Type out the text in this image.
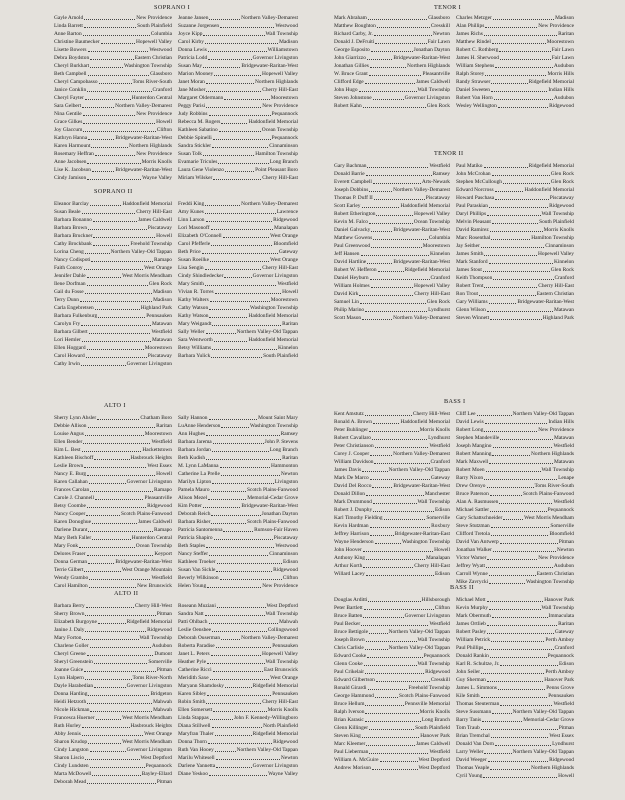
SOPRANO I
Gayle Arnold	New Providence
Linda Barrett	South Plainfield
Anne Barton	Columbia
Christine Baumecker	Hopewell Valley
Lisette Bowers	Westwood
Debra Boydston	Eastern Christian
Cheryl Burkhart	Washington Township
Beth Campbell	Glassboro
Cheryl Campobasso	Toms River-South
Janice Conklin	Cranford
Cheryl Fayter	Hunterdon Central
Sara Gelbert	Northern Valley-Demarest
Nina Gentile	New Providence
Grace Gilkes	Howell
Joy Glaccum	Clifton
Kathryn Hanna	Bridgewater-Raritan-West
Karen Harmount	Northern Highlands
Rosemary Heffran	New Providence
Anne Jacobsen	Morris Knolls
Lise K. Jacobson	Bridgewater-Raritan-West
Cindy Jamison	Wayne Valley
Jeanne Jansen	Northern Valley-Demarest
Suzanne Jorgensen	Westwood
Joyce Kipp	Wall Township
Carol Kirby	Madison
Donna Lewis	Williamstown
Patricia Lodd	Governor Livingston
Susan May	Bridgewater-Raritan-West
Marion Mooney	Hopewell Valley
Janet Moran	Northern Highlands
Jane Mosher	Cherry Hill-East
Margaret Oldermann	Moorestown
Peggy Parisi	New Providence
Judy Robbins	Pequannock
Rebecca M. Rogers	Haddonfield Memorial
Kathleen Sabatino	Ocean Township
Debbie Spinelli	Pequannock
Sandra Stickler	Cinnaminson
Susan Tolk	Hamilton Township
Evamarie Tricules	Long Branch
Laura Gene Violenzo	Point Pleasant Boro
Miriam Wilsker	Cherry Hill-East
TENOR I
Mark Abraham	Glassboro
Matthew Boughton	Cresskill
Richard Carby, Jr.	Newton
Donald J. DeFruiti	Fair Lawn
George Esposito	Jonathan Dayton
John Giarrizzo	Bridgewater-Raritan-West
Jonathan Gillies	Northern Highlands
W. Bruce Grant	Pleasantville
Clifford Edge	James Caldwell
John Hugo	Wall Township
Steven Johnstone	Governor Livingston
Robert Kahn	Glen Rock
Charles Metzger	Madison
Alan Phillips	New Providence
James Richs	Raritan
Matthew Rindel	Moorestown
Robert C. Rothberg	Fair Lawn
James H. Sherwood	Fair Lawn
William Stephens	Audubon
Ralph Storey	Morris Hills
Randy Strawser	Ridgefield Memorial
Daniel Sweeten	Indian Hills
Robert Van Horn	Audubon
Wesley Wellington	Ridgewood
TENOR II
Gary Bachman	Westfield
Donald Barrie	Ramsey
Everett Campbell	Arts-Newark
Joseph Dobbins	Northern Valley-Demarest
Thomas P. Duff II	Piscataway
Scott Earley	Haddonfield Memorial
Robert Etherington	Hopewell Valley
Kevin M. Falco	Ocean Township
Daniel Galvacky	Bridgewater-Raritan-West
Matthew Gowens	Columbia
Paul Greenwood	Moorestown
Jeff Hansen	Kinnelon
David Hartline	Bridgewater-Raritan-West
Robert W. Hefferon	Ridgefield Memorial
Daniel Heyburn	Cranford
William Holmes	Hopewell Valley
David Kirk	Cherry Hill-East
Samuel Lin	Glen Rock
Philip Marino	Lyndhurst
Scott Mason	Northern Valley-Demarest
Paul Matiko	Ridgefield Memorial
John McCrohan	Glen Rock
Stephen McCullough	Glen Rock
Edward Norcross	Haddonfield Memorial
Howard Paschasa	Piscataway
Paul Paraskian	Ridgewood
Daryl Phillips	Wall Township
Melvin Pleasant	South Plainfield
David Ramirez	Morris Knolls
Marc Rosenthal	Hamilton Township
Jay Seither	Cinnaminson
James Smith	Hopewell Valley
Mark Stanford	Kinnelon
James Stout	Glen Rock
Keith Thompson	Cranford
Robert Trent	Cherry Hill-East
Ron Trout	Eastern Christian
Gary Williams	Bridgewater-Raritan-West
Glenn Wilson	Matawan
Steven Winnett	Highland Park
SOPRANO II
Eleanor Barclay	Haddonfield Memorial
Susan Beale	Cherry Hill-East
Barbara Bonanno	James Caldwell
Barbara Brown	Piscataway
Barbara Bruckner	Howell
Cathy Brockbank	Freehold Township
Lorina Cheng	Northern Valley-Old Tappan
Nancy Codispoti	Ramapo
Faith Conroy	West Orange
Jennifer Dahle	West Morris Mendham
Ilene Dorfman	Glen Rock
Gail du Fosse	Madison
Terry Dunn	Madison
Carla Engebretsen	Highland Park
Barbara Fulkenburg	Pennsauken
Carolyn Fry	Matawan
Barbara Gilbert	Westfield
Lori Hemler	Matawan
Ellen Hoggard	Moorestown
Carol Howard	Piscataway
Cathy Irwin	Governor Livingston
Freddi King	Northern Valley-Demarest
Amy Kunes	Lawrence
Linn Larson	Ridgewood
Lori Masonoff	Manalapan
Elizabeth O'Connell	West Orange
Carol Pfefferle	Bloomfield
Beth Price	Gateway
Susan Roeilke	West Orange
Lisa Sengin	Cherry Hill-East
Cindy Shindledecker	Governor Livingston
Mary Smith	Westfield
Vivian R. Torres	Howell
Kathy Walters	Moorestown
Cathy Watson	Washington Township
Kathy Watson	Haddonfield Memorial
Mary Weigandt	Raritan
Sally Weller	Northern Valley-Old Tappan
Sara Wentworth	Haddonfield Memorial
Betsy Williams	Kinnelon
Barbara Yulick	South Plainfield
ALTO I
Sherry Lynn Ahsler	Chatham Boro
Debbie Allison	Raritan
Louise Angus	Moorestown
Ellen Bender	Westfield
Kim L. Best	Hackettstown
Kathleen Bischoff	Hasbrouck Heights
Leslie Brown	West Essex
Nancy E. Burg	Howell
Karen Callahan	Governor Livingston
Frances Carolan	Ramapo
Carole J. Channell	Pleasantville
Betsy Coombe	Ridgewood
Nancy Cooper	Scotch Plains-Fanwood
Karen Donoghue	James Caldwell
Darlene Durant	Ramapo
Mary Beth Faller	Hunterdon Central
Mary Fonk	Ocean Township
Delores Fraser	Keyport
Donna German	Bridgewater-Raritan-West
Terrie Gilbert	West Orange Mountain
Wendy Grambo	Westfield
Carol Hamilton	New Brunswick
Sally Hannon	Mount Saint Mary
LuAnne Henderson	Washington Township
Ann Hughes	Ramsey
Barbara Jarema	John P. Stevens
Barbara Jordan	Long Branch
Beth Kudish	Raritan
M. Lynn LaManna	Hammonton
Catherine La Prelle	Newton
Marilyn Lipton	Livingston
Pamela Mauro	Scotch Plains-Fanwood
Alison Mezel	Memorial-Cedar Grove
Kim Potter	Bridgewater-Raritan-West
Deborah Reich	Jonathan Dayton
Barbara Risher	Scotch Plains-Fanwood
Patricia Santomenna	Rumson-Fair Haven
Patricia Shapiro	Piscataway
Beth Staples	Westwood
Nancy Steffer	Cinnaminson
Kathleen Troeker	Edison
Susan Van Sickle	Ridgewood
Beverly Wilkinson	Clifton
Helen Young	New Providence
BASS I
Kent Amstutz	Cherry Hill-West
Ronald A. Brown	Haddonfield Memorial
Peter Buhlinger	Morris Knolls
Robert Cavallaro	Lyndhurst
Peter Christianson	Westfield
Corey J. Cooper	Northern Valley-Demarest
William Davidson	Cranford
James Davis	Northern Valley-Old Tappan
Mark De Marco	Gateway
David Del Rocco	Bridgewater-Raritan-West
Donald Dillon	Manchester
Mark Drummond	Wall Township
Robert J. Dunphy	Edison
Karl Timothy Fielding	Somerville
Kevin Hardman	Roxbury
Jeffrey Harrison	Bridgewater-Raritan-East
Wayne Henderson	Washington Township
John Hoover	Howell
Anthony King	Manalapan
Arthur Korth	Cherry Hill-East
Willard Lacey	Edison
Cliff Lee	Northern Valley-Old Tappan
David Lewis	Indian Hills
Robert Long	New Providence
Stephen Mandeville	Matawan
Joseph Mangino	Westfield
Robert Manning	Northern Highlands
Mark Maxwell	Matawan
Robert Moen	Wall Township
Barry Nixon	Lenape
Drew Orenyo	Toms River-South
Bruce Paterson	Scotch Plains-Fanwood
Alan A. Rasmussen	Westfield
Michael Sattler	Pequannock
Gary Schattschneider	West Morris Mendham
Steve Stutzman	Somerville
Clifford Tretola	Bloomfield
David Van Antwerp	Pitman
Jonathan Walker	Newton
Victor Warner	New Providence
Jeffrey Wyatt	Audubon
Carroll Wynne	Eastern Christian
Mike Zavrycki	Washington Township
ALTO II
Barbara Berry	Cherry Hill-West
Sherry Brown	Pitman
Elizabeth Burgoyne	Ridgefield Memorial
Janine J. Daly	Ridgewood
Mary Forton	Wall Township
Charlene Goller	Audubon
Cheryl Greene	Dumont
Sheryl Greenstein	Somerville
Joanne Guice	Pitman
Lynn Halpern	Toms River-North
Dayle Harabedian	Governor Livingston
Donna Harding	Bridgeton
Heidi Hetzroth	Mahwah
Nicole Hickman	Mahwah
Francesca Huerner	West Morris Mendham
Ruth Hurley	Hasbrouck Heights
Abby Jennis	West Orange
Sharon Krudop	West Morris Mendham
Cindy Langston	Governor Livingston
Sharon Liscio	West Deptford
Cindy Lundsten	Pequannock
Marta McDowell	Bayley-Ellard
Deborah Mead	Pitman
Roseann Muziani	West Deptford
Sandra Natt	Wall Township
Patti Ohlbach	Mahwah
Leslie Oensbee	Collingswood
Deborah Ouserman	Northern Valley-Demarest
Roberta Paradise	Pennsauken
Janet L. Peters	Hopewell Valley
Heather Pyle	Wall Township
Catherine Ricci	East Brunswick
Meridith Saxe	West Orange
Maryann Shamdosky	Ridgefield Memorial
Karen Sibley	Pennsauken
Robin Smith	Cherry Hill-East
Ellen Somersett	Morris Knolls
Linda Stappas	John F. Kennedy-Willingboro
Diana Stillwell	North Plainfield
Maryfran Thaler	Ridgefield Memorial
Donna Thorn	Ridgewood
Ruth Van Hooey	Northern Valley-Old Tappan
Marilu Whitesell	Newton
Darlene Yannetta	Governor Livingston
Diane Yeskoo	Wayne Valley
BASS II
Douglas Arditti	Hillsborough
Peter Bartlett	Clifton
Bruce Batten	Governor Livingston
Paul Becker	Westfield
Bruce Bettigole	Northern Valley-Old Tappan
Joseph Brown	Wall Township
Chris Carlisle	Northern Valley-Old Tappan
Edward Cooke	Pequannock
Glenn Cooke	Wall Township
Paul Crikelair	Ridgewood
Edward Gilbertson	Cresskill
Ronald Girardi	Freehold Township
George Hammond	Scotch Plains-Fanwood
Bruce Hellum	Pennsville Memorial
Ralph Iverson	Morris Knolls
Brian Karasic	Long Branch
Glenn Killinger	South Plainfield
Steven King	Hanover Park
Marc Kleemer	James Caldwell
Paul Lieberman	Westfield
William A. McGuire	West Deptford
Andrew Morison	West Deptford
Michael Mott	Hanover Park
Kevin Murphy	Wall Township
Mark Obermuth	Immaculata
James Ortlieb	Raritan
Robert Pasley	Gateway
William Petrick	Perth Amboy
Paul Phillips	Cranford
Donald Rankin	Pequannock
Karl R. Schultze, Jr.	Edison
John Seiler	Perth Amboy
Guy Sherman	Hanover Park
James L. Simmons	Penns Grove
Kile Smith	Pennsauken
Thomas Steuterman	Westfield
Steve Sussmann	Northern Valley-Old Tappan
Barry Tanis	Memorial-Cedar Grove
Tom Traub	Pitman
Brian Tremchal	West Essex
Donald Van Dorn	Lyndhurst
Larry Weller	Northern Valley-Old Tappan
David Weeger	Ridgewood
Thomas Yeaple	Northern Highlands
Cyril Young	Howell
